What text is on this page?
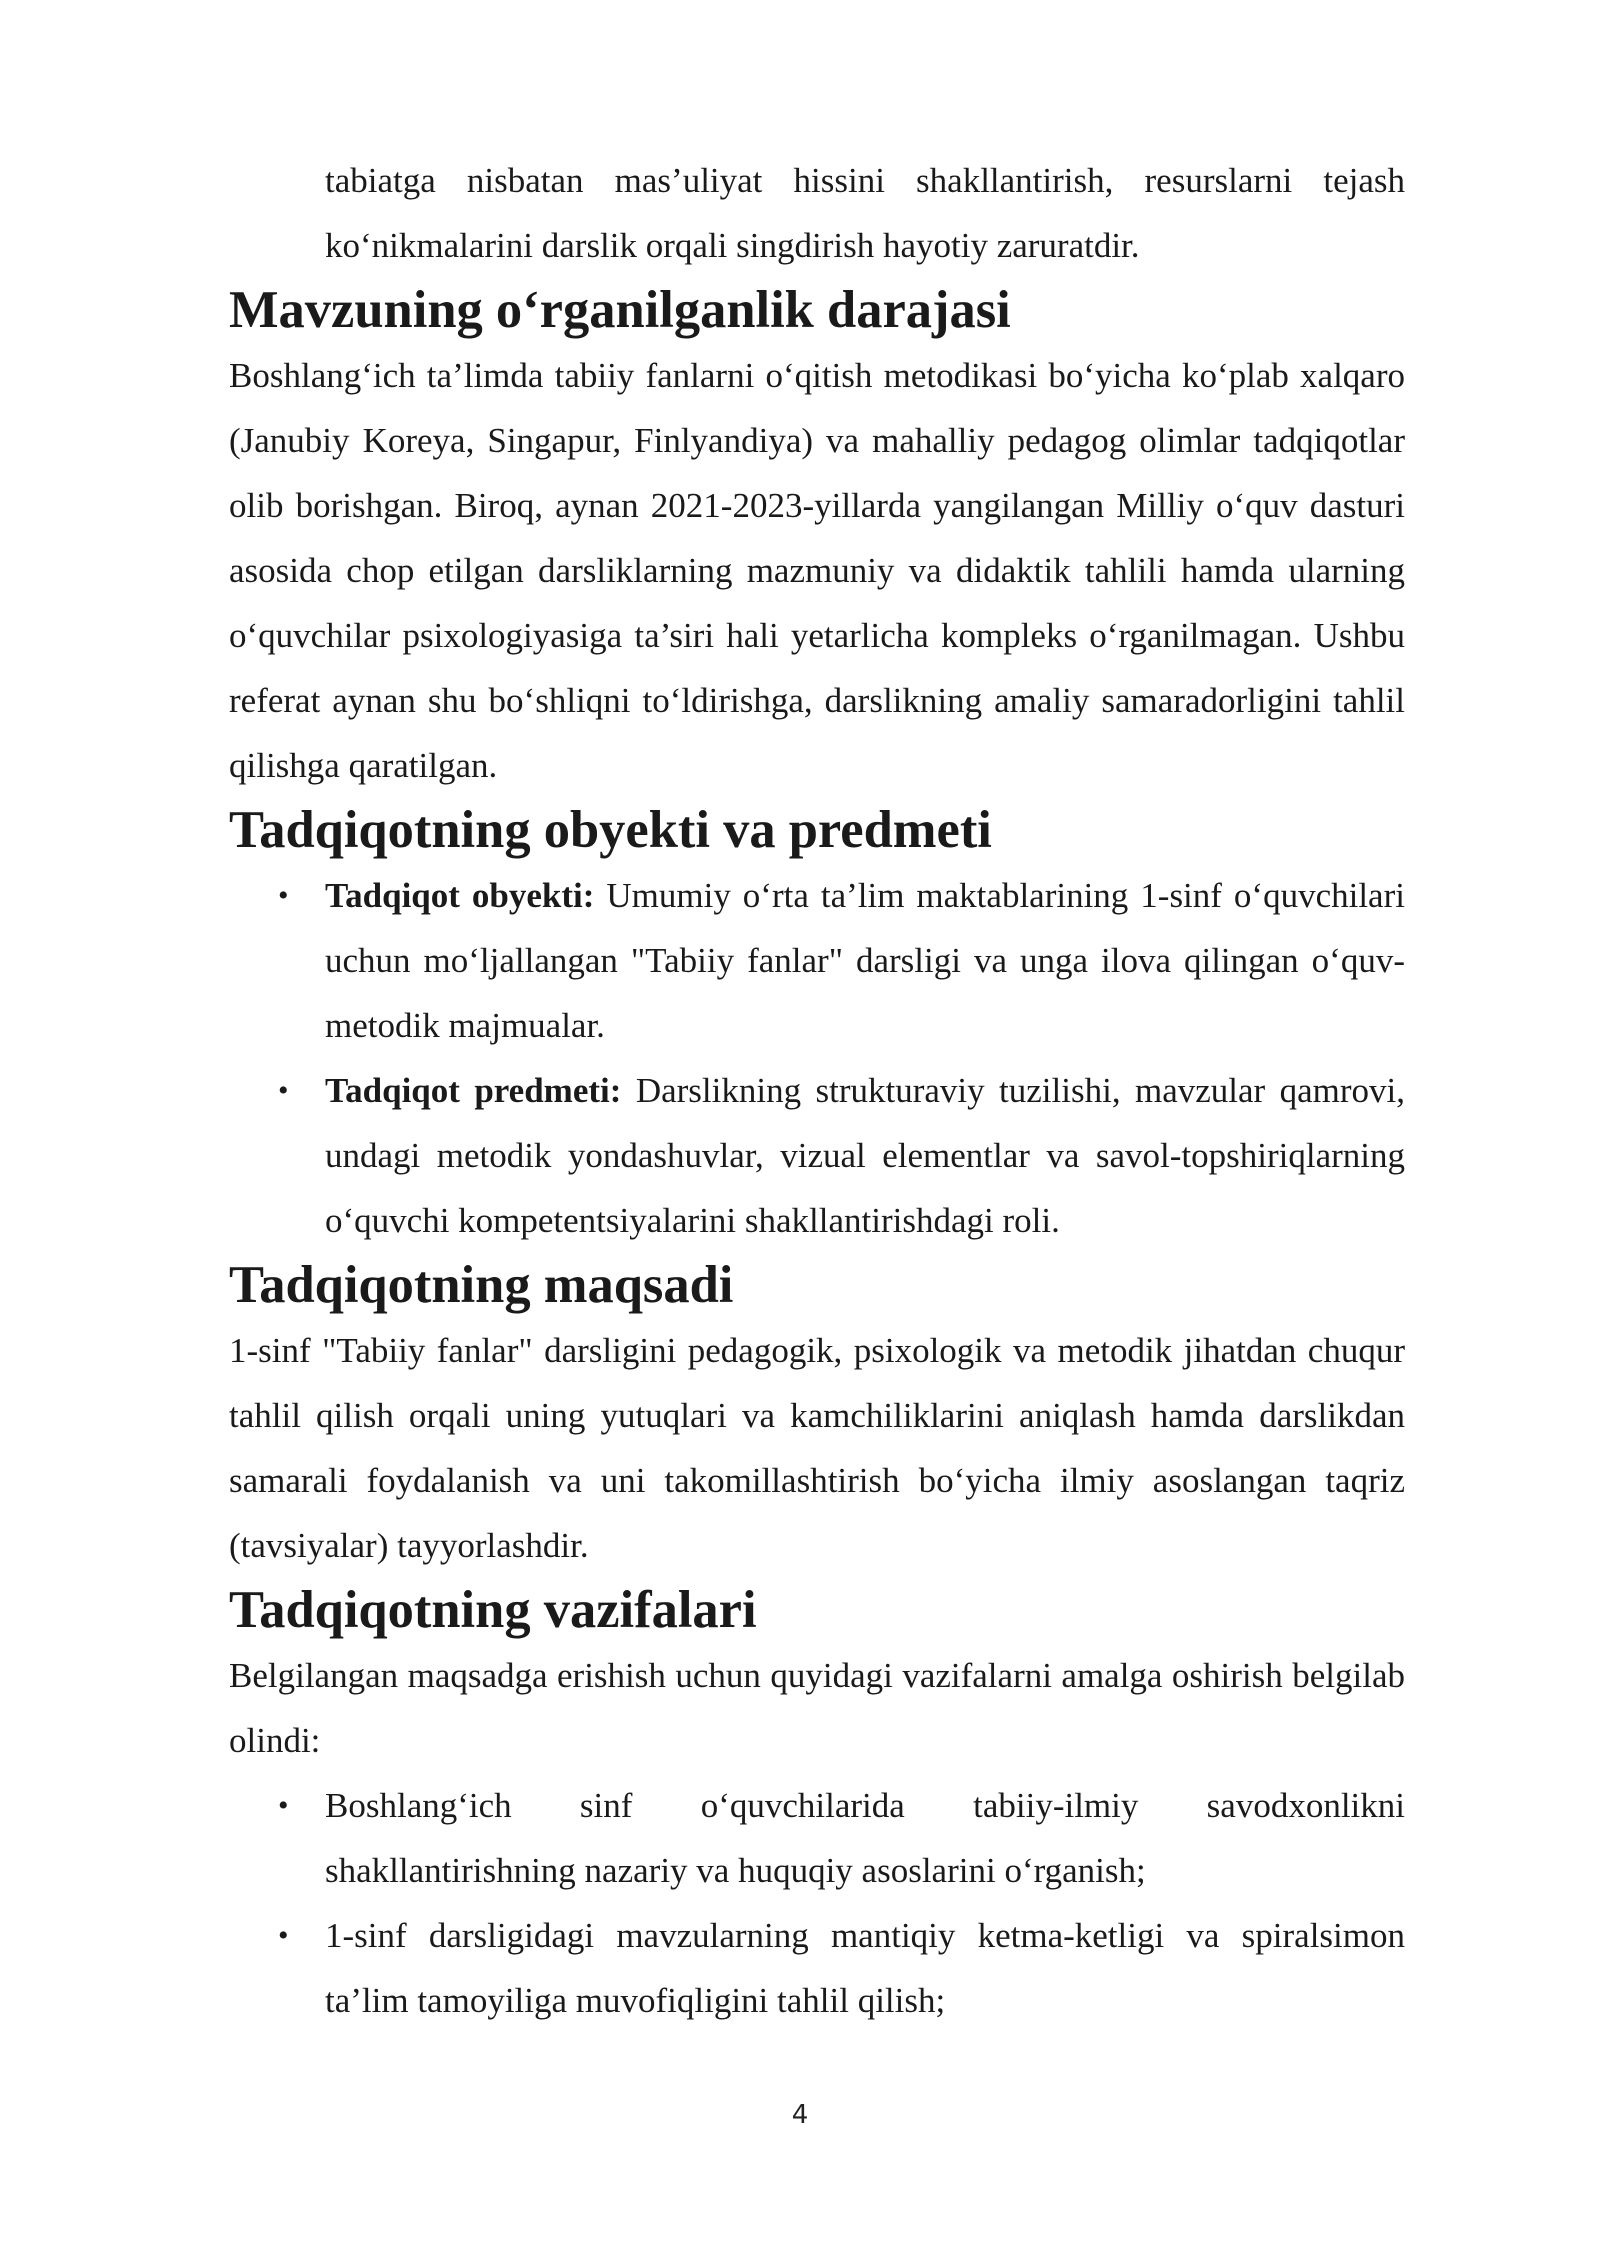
tabiatga nisbatan mas’uliyat hissini shakllantirish, resurslarni tejash ko‘nikmalarini darslik orqali singdirish hayotiy zaruratdir.

Mavzuning o‘rganilganlik darajasi

Boshlang‘ich ta’limda tabiiy fanlarni o‘qitish metodikasi bo‘yicha ko‘plab xalqaro (Janubiy Koreya, Singapur, Finlyandiya) va mahalliy pedagog olimlar tadqiqotlar olib borishgan. Biroq, aynan 2021-2023-yillarda yangilangan Milliy o‘quv dasturi asosida chop etilgan darsliklarning mazmuniy va didaktik tahlili hamda ularning o‘quvchilar psixologiyasiga ta’siri hali yetarlicha kompleks o‘rganilmagan. Ushbu referat aynan shu bo‘shliqni to‘ldirishga, darslikning amaliy samaradorligini tahlil qilishga qaratilgan.

Tadqiqotning obyekti va predmeti
• Tadqiqot obyekti: Umumiy o‘rta ta’lim maktablarining 1-sinf o‘quvchilari uchun mo‘ljallangan "Tabiiy fanlar" darsligi va unga ilova qilingan o‘quv-metodik majmualar.
• Tadqiqot predmeti: Darslikning strukturaviy tuzilishi, mavzular qamrovi, undagi metodik yondashuvlar, vizual elementlar va savol-topshiriqlarning o‘quvchi kompetentsiyalarini shakllantirishdagi roli.
Tadqiqotning maqsadi

1-sinf "Tabiiy fanlar" darsligini pedagogik, psixologik va metodik jihatdan chuqur tahlil qilish orqali uning yutuqlari va kamchiliklarini aniqlash hamda darslikdan samarali foydalanish va uni takomillashtirish bo‘yicha ilmiy asoslangan taqriz (tavsiyalar) tayyorlashdir.

Tadqiqotning vazifalari

Belgilangan maqsadga erishish uchun quyidagi vazifalarni amalga oshirish belgilab olindi:

• Boshlang‘ich sinf o‘quvchilarida tabiiy-ilmiy savodxonlikni shakllantirishning nazariy va huquqiy asoslarini o‘rganish;
• 1-sinf darsligidagi mavzularning mantiqiy ketma-ketligi va spiralsimon ta’lim tamoyiliga muvofiqligini tahlil qilish;
4
